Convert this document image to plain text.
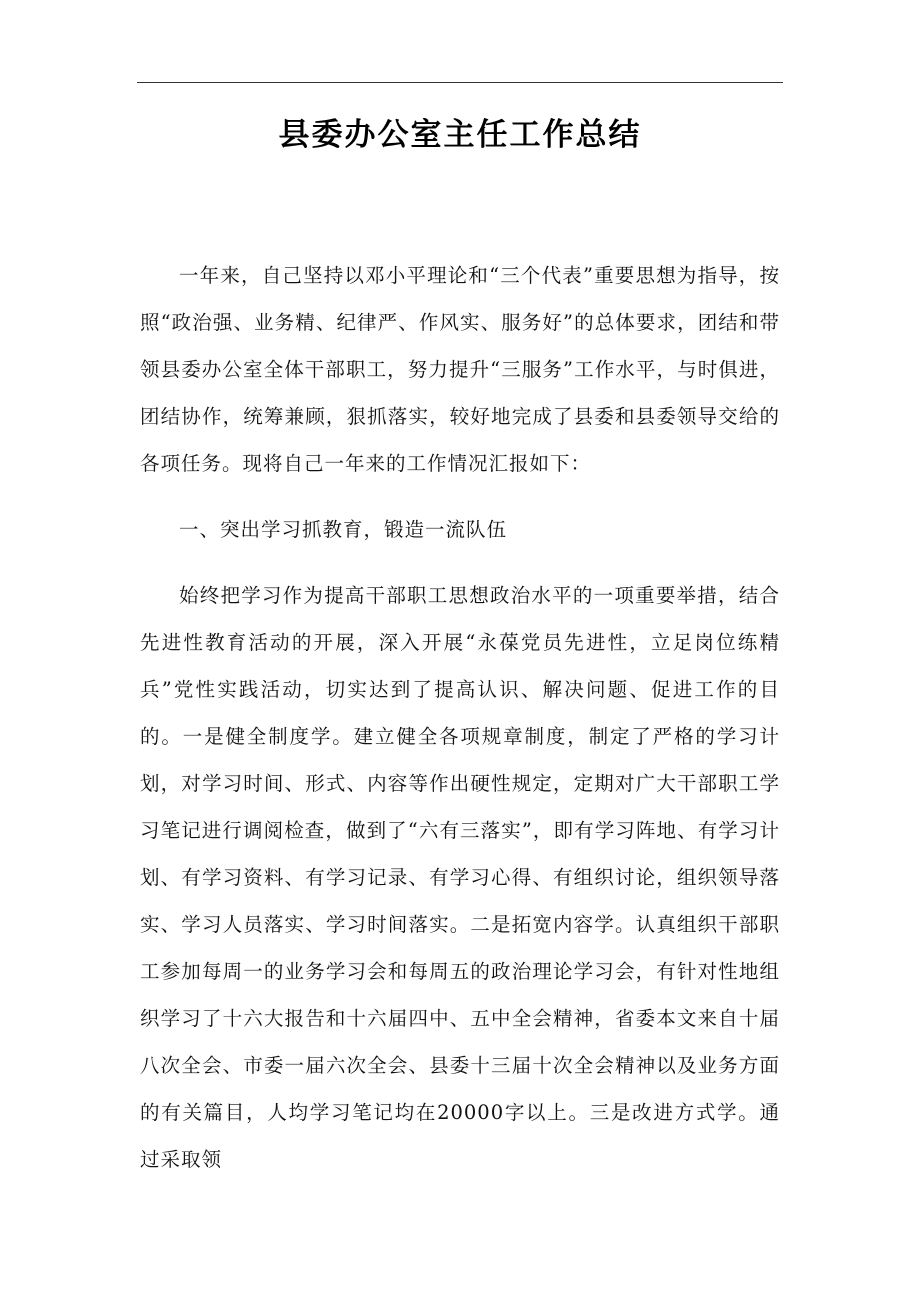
县委办公室主任工作总结

一年来，自己坚持以邓小平理论和“三个代表”重要思想为指导，按照“政治强、业务精、纪律严、作风实、服务好”的总体要求，团结和带领县委办公室全体干部职工，努力提升“三服务”工作水平，与时俱进，团结协作，统筹兼顾，狠抓落实，较好地完成了县委和县委领导交给的各项任务。现将自己一年来的工作情况汇报如下：

一、突出学习抓教育，锻造一流队伍

始终把学习作为提高干部职工思想政治水平的一项重要举措，结合先进性教育活动的开展，深入开展“永葆党员先进性，立足岗位练精兵”党性实践活动，切实达到了提高认识、解决问题、促进工作的目的。一是健全制度学。建立健全各项规章制度，制定了严格的学习计划，对学习时间、形式、内容等作出硬性规定，定期对广大干部职工学习笔记进行调阅检查，做到了“六有三落实”，即有学习阵地、有学习计划、有学习资料、有学习记录、有学习心得、有组织讨论，组织领导落实、学习人员落实、学习时间落实。二是拓宽内容学。认真组织干部职工参加每周一的业务学习会和每周五的政治理论学习会，有针对性地组织学习了十六大报告和十六届四中、五中全会精神，省委本文来自十届八次全会、市委一届六次全会、县委十三届十次全会精神以及业务方面的有关篇目，人均学习笔记均在20000字以上。三是改进方式学。通过采取领
